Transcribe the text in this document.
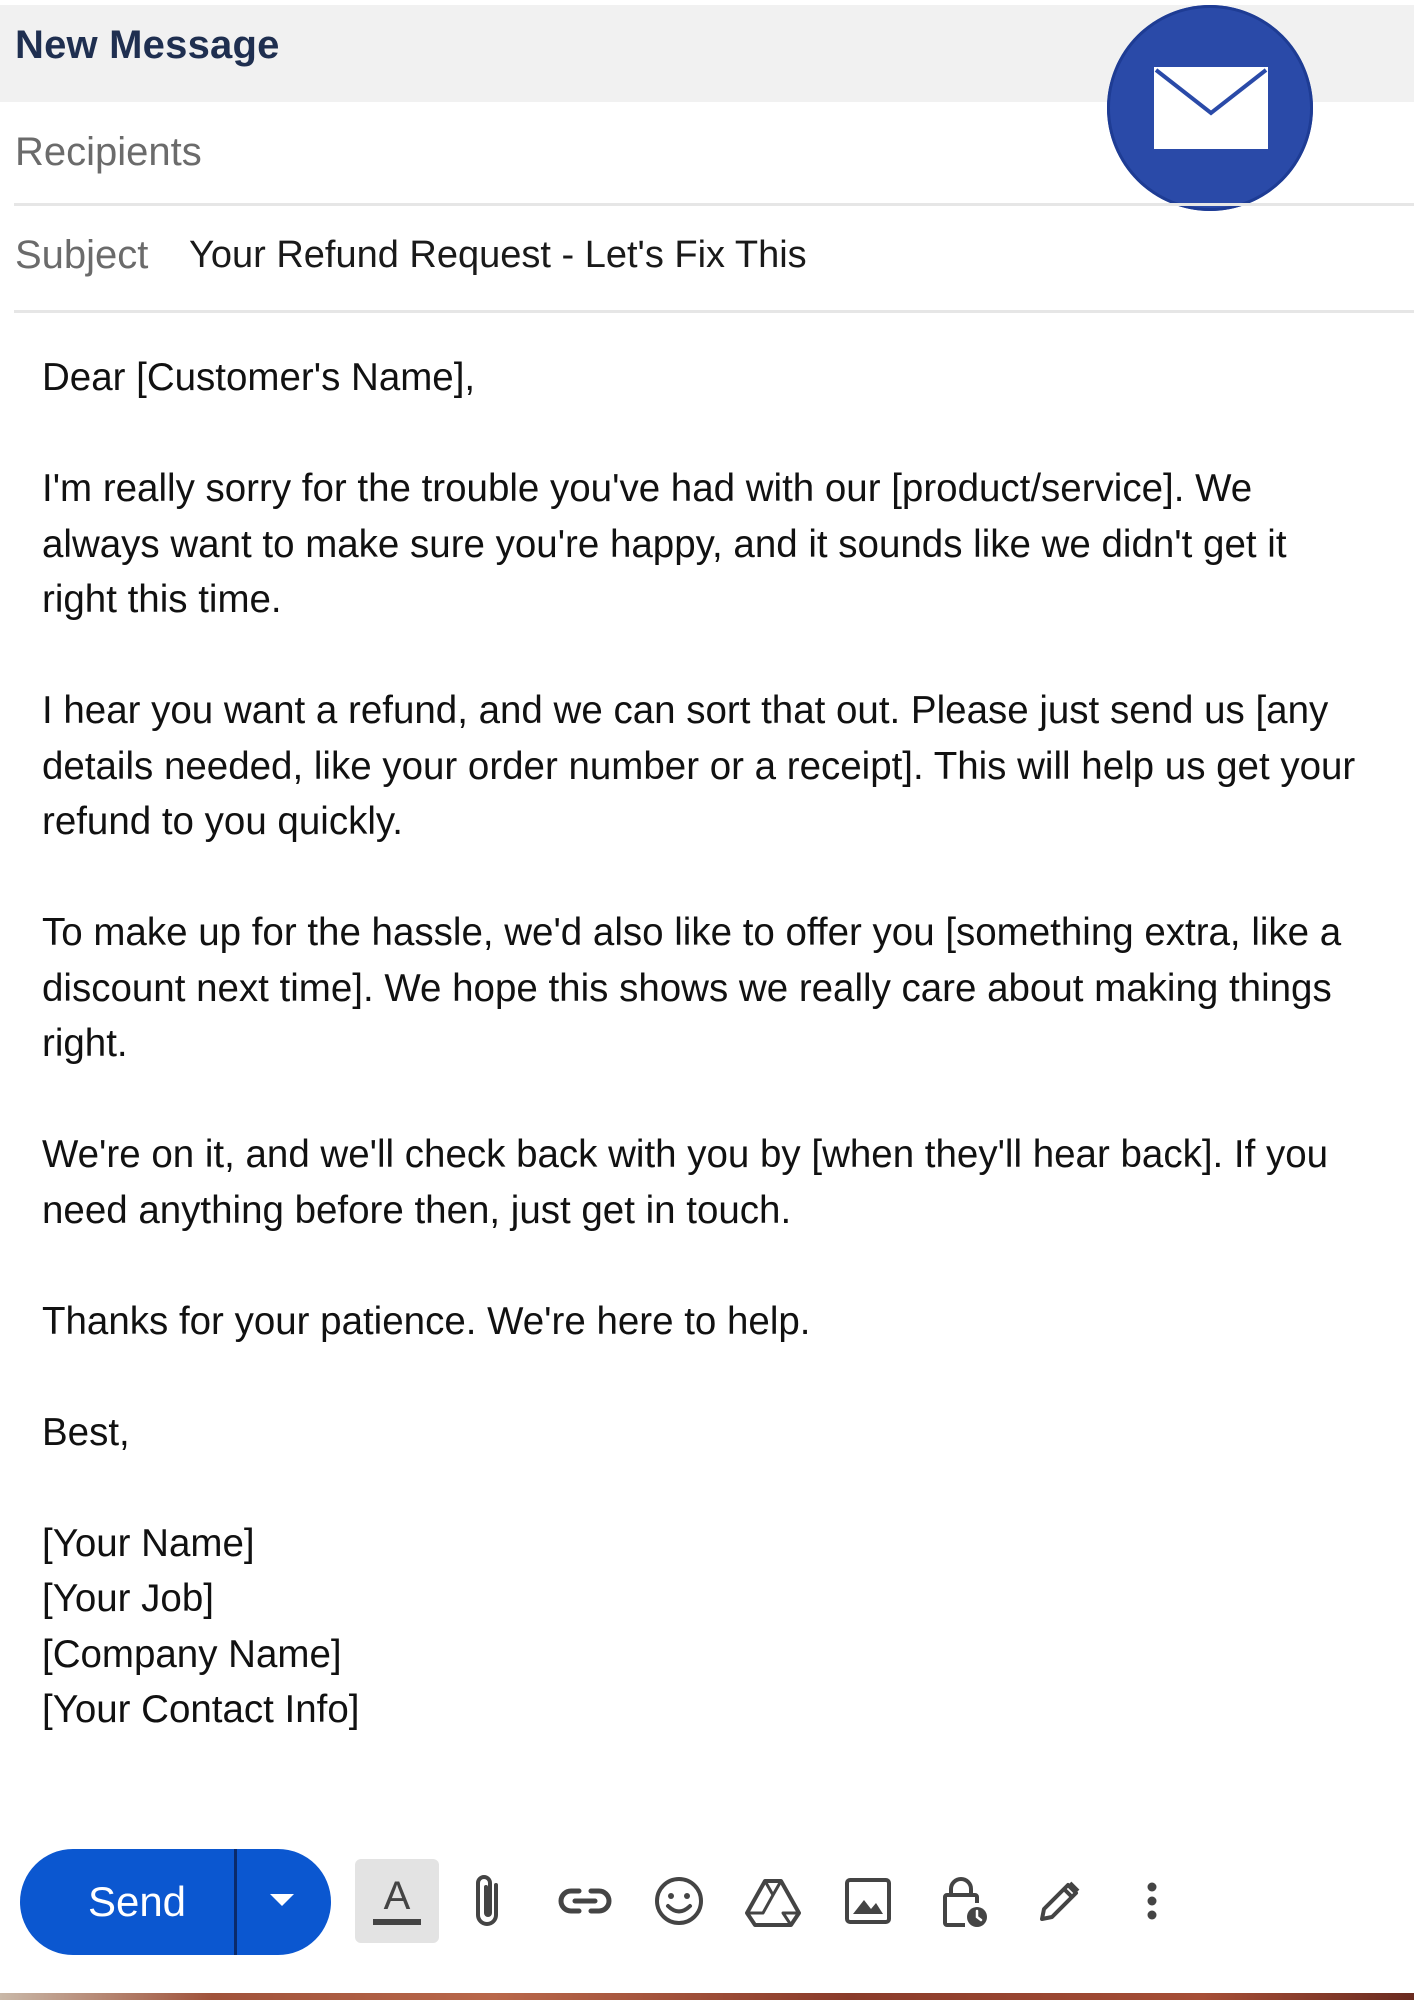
New Message
Recipients
Subject Your Refund Request - Let's Fix This

Dear [Customer's Name],

I'm really sorry for the trouble you've had with our [product/service]. We always want to make sure you're happy, and it sounds like we didn't get it right this time.

I hear you want a refund, and we can sort that out. Please just send us [any details needed, like your order number or a receipt]. This will help us get your refund to you quickly.

To make up for the hassle, we'd also like to offer you [something extra, like a discount next time]. We hope this shows we really care about making things right.

We're on it, and we'll check back with you by [when they'll hear back]. If you need anything before then, just get in touch.

Thanks for your patience. We're here to help.

Best,

[Your Name]
[Your Job]
[Company Name]
[Your Contact Info]

Send	A
